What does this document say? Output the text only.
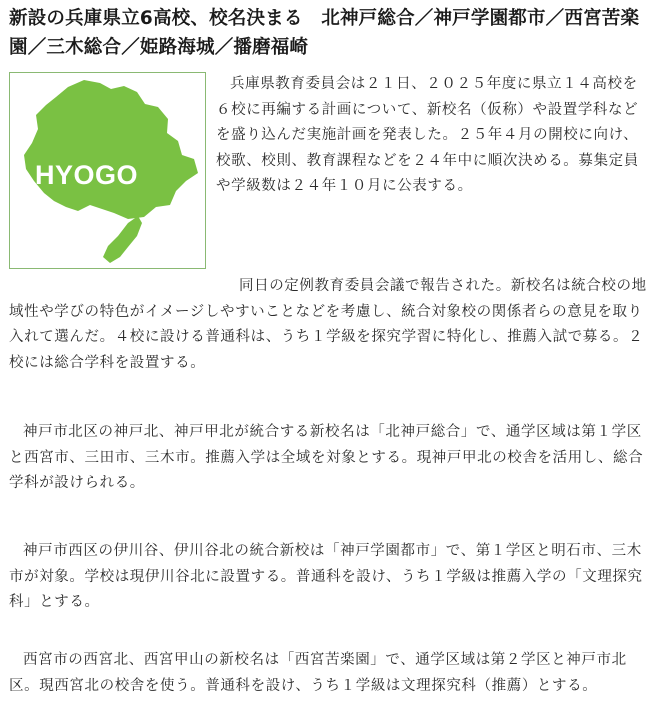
新設の兵庫県立6高校、校名決まる　北神戸総合／神戸学園都市／西宮苦楽園／三木総合／姫路海城／播磨福崎
HYOGO

兵庫県教育委員会は２１日、２０２５年度に県立１４高校を６校に再編する計画について、新校名（仮称）や設置学科などを盛り込んだ実施計画を発表した。２５年４月の開校に向け、校歌、校則、教育課程などを２４年中に順次決める。募集定員や学級数は２４年１０月に公表する。

同日の定例教育委員会議で報告された。新校名は統合校の地域性や学びの特色がイメージしやすいことなどを考慮し、統合対象校の関係者らの意見を取り入れて選んだ。４校に設ける普通科は、うち１学級を探究学習に特化し、推薦入試で募る。２校には総合学科を設置する。

神戸市北区の神戸北、神戸甲北が統合する新校名は「北神戸総合」で、通学区域は第１学区と西宮市、三田市、三木市。推薦入学は全域を対象とする。現神戸甲北の校舎を活用し、総合学科が設けられる。

神戸市西区の伊川谷、伊川谷北の統合新校は「神戸学園都市」で、第１学区と明石市、三木市が対象。学校は現伊川谷北に設置する。普通科を設け、うち１学級は推薦入学の「文理探究科」とする。

西宮市の西宮北、西宮甲山の新校名は「西宮苦楽園」で、通学区域は第２学区と神戸市北区。現西宮北の校舎を使う。普通科を設け、うち１学級は文理探究科（推薦）とする。
